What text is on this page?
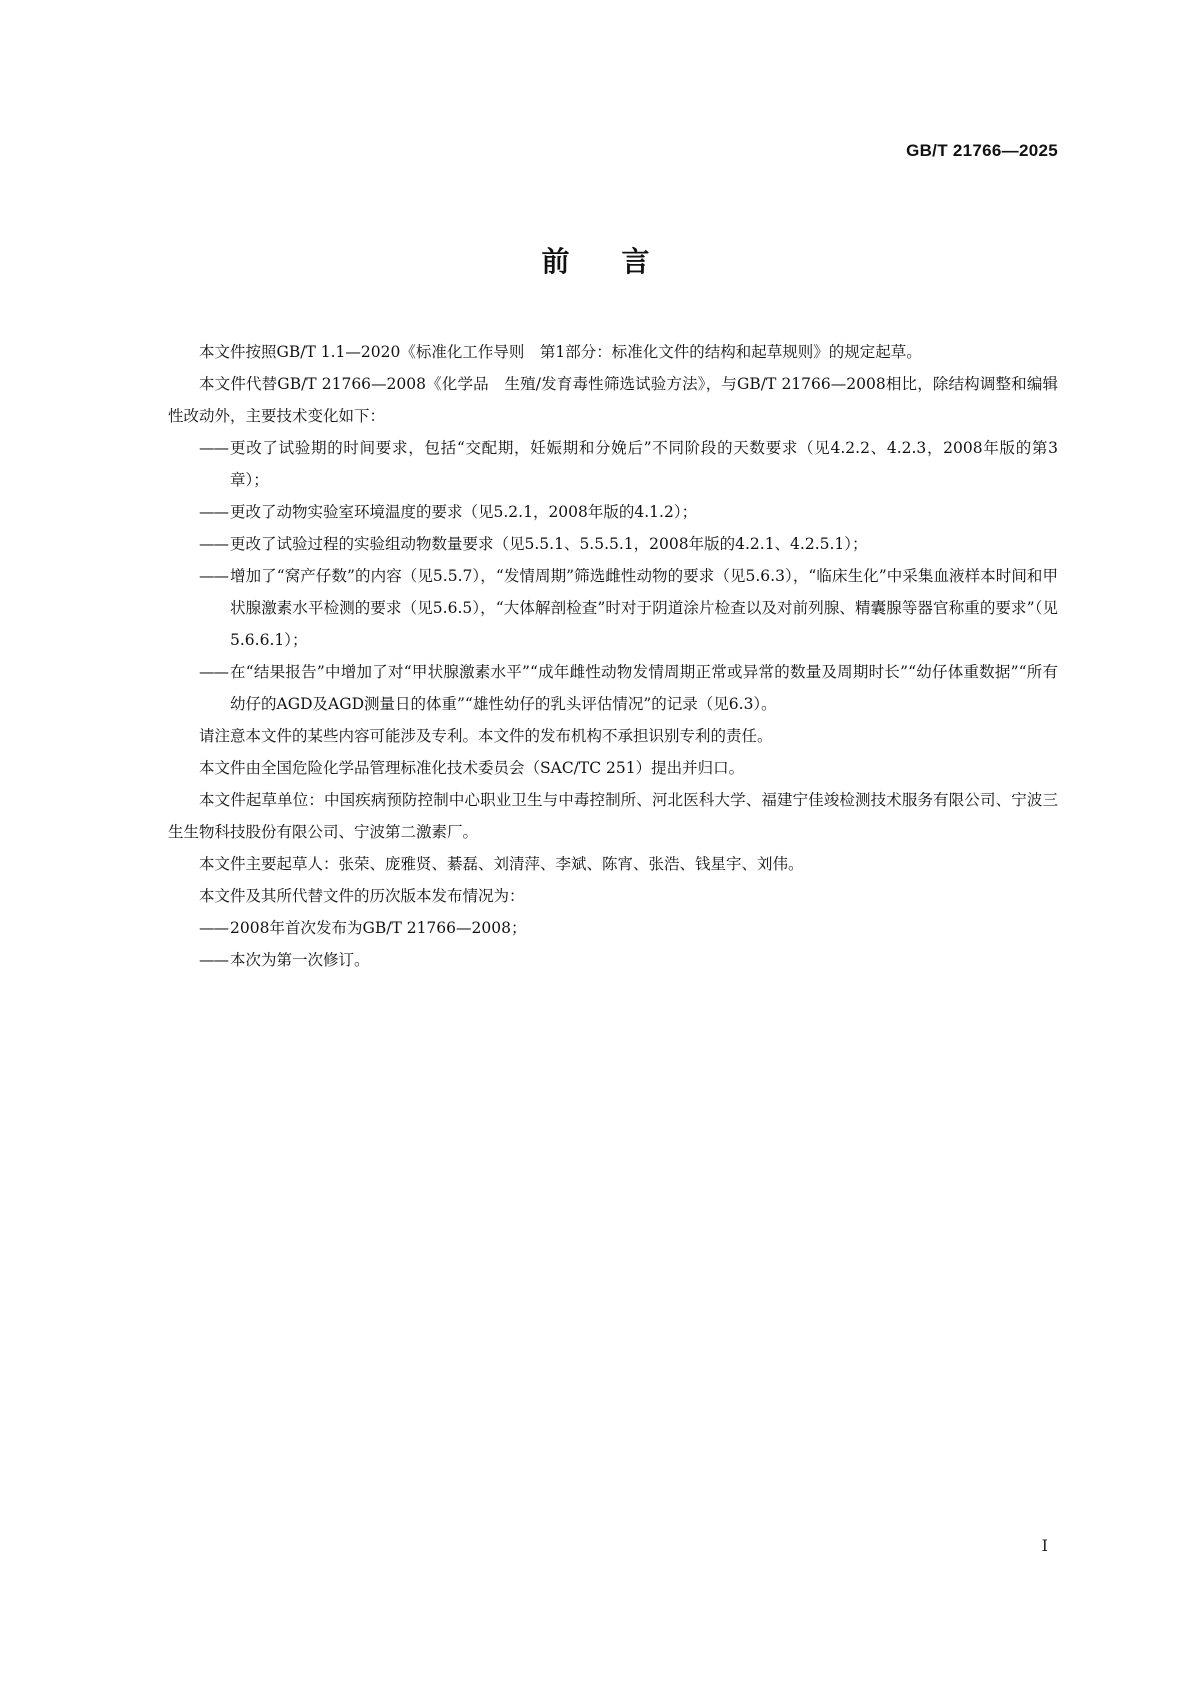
GB/T 21766—2025
前言

本文件按照GB/T 1.1—2020《标准化工作导则　第1部分：标准化文件的结构和起草规则》的规定起草。

本文件代替GB/T 21766—2008《化学品　生殖/发育毒性筛选试验方法》，与GB/T 21766—2008相比，除结构调整和编辑性改动外，主要技术变化如下：

—— 更改了试验期的时间要求，包括“交配期，妊娠期和分娩后”不同阶段的天数要求（见4.2.2、4.2.3，2008年版的第3章）；
—— 更改了动物实验室环境温度的要求（见5.2.1，2008年版的4.1.2）；
—— 更改了试验过程的实验组动物数量要求（见5.5.1、5.5.5.1，2008年版的4.2.1、4.2.5.1）；
—— 增加了“窝产仔数”的内容（见5.5.7），“发情周期”筛选雌性动物的要求（见5.6.3），“临床生化”中采集血液样本时间和甲状腺激素水平检测的要求（见5.6.5），“大体解剖检查”时对于阴道涂片检查以及对前列腺、精囊腺等器官称重的要求”（见5.6.6.1）；
—— 在“结果报告”中增加了对“甲状腺激素水平”“成年雌性动物发情周期正常或异常的数量及周期时长”“幼仔体重数据”“所有幼仔的AGD及AGD测量日的体重”“雄性幼仔的乳头评估情况”的记录（见6.3）。

请注意本文件的某些内容可能涉及专利。本文件的发布机构不承担识别专利的责任。

本文件由全国危险化学品管理标准化技术委员会（SAC/TC 251）提出并归口。

本文件起草单位：中国疾病预防控制中心职业卫生与中毒控制所、河北医科大学、福建宁佳竣检测技术服务有限公司、宁波三生生物科技股份有限公司、宁波第二激素厂。

本文件主要起草人：张荣、庞雅贤、綦磊、刘清萍、李斌、陈宵、张浩、钱星宇、刘伟。

本文件及其所代替文件的历次版本发布情况为：

—— 2008年首次发布为GB/T 21766—2008；
—— 本次为第一次修订。
I
